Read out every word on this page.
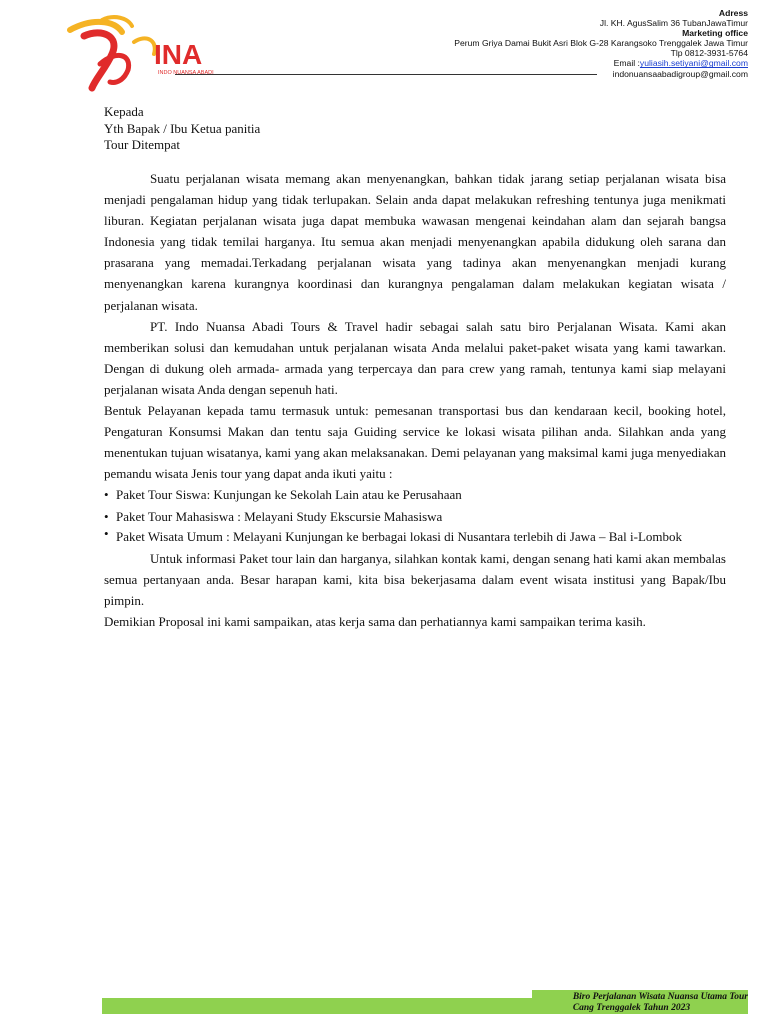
INA
INDO NUANSA ABADI
Adress
Jl. KH. AgusSalim 36 TubanJawaTimur
Marketing office
Perum Griya Damai Bukit Asri Blok G-28 Karangsoko Trenggalek Jawa Timur
Tlp 0812-3931-5764
Email :yuliasih.setiyani@gmail.com
indonuansaabadigroup@gmail.com
Kepada
Yth Bapak / Ibu Ketua panitia
Tour Ditempat

Suatu perjalanan wisata memang akan menyenangkan, bahkan tidak jarang setiap perjalanan wisata bisa menjadi pengalaman hidup yang tidak terlupakan. Selain anda dapat melakukan refreshing tentunya juga menikmati liburan. Kegiatan perjalanan wisata juga dapat membuka wawasan mengenai keindahan alam dan sejarah bangsa Indonesia yang tidak temilai harganya. Itu semua akan menjadi menyenangkan apabila didukung oleh sarana dan prasarana yang memadai.Terkadang perjalanan wisata yang tadinya akan menyenangkan menjadi kurang menyenangkan karena kurangnya koordinasi dan kurangnya pengalaman dalam melakukan kegiatan wisata / perjalanan wisata.

PT. Indo Nuansa Abadi Tours & Travel hadir sebagai salah satu biro Perjalanan Wisata. Kami akan memberikan solusi dan kemudahan untuk perjalanan wisata Anda melalui paket-paket wisata yang kami tawarkan. Dengan di dukung oleh armada- armada yang terpercaya dan para crew yang ramah, tentunya kami siap melayani perjalanan wisata Anda dengan sepenuh hati.

Bentuk Pelayanan kepada tamu termasuk untuk: pemesanan transportasi bus dan kendaraan kecil, booking hotel, Pengaturan Konsumsi Makan dan tentu saja Guiding service ke lokasi wisata pilihan anda. Silahkan anda yang menentukan tujuan wisatanya, kami yang akan melaksanakan. Demi pelayanan yang maksimal kami juga menyediakan pemandu wisata Jenis tour yang dapat anda ikuti yaitu :

• Paket Tour Siswa: Kunjungan ke Sekolah Lain atau ke Perusahaan
• Paket Tour Mahasiswa : Melayani Study Ekscursie Mahasiswa
• Paket Wisata Umum : Melayani Kunjungan ke berbagai lokasi di Nusantara terlebih di Jawa – Bal i-Lombok

Untuk informasi Paket tour lain dan harganya, silahkan kontak kami, dengan senang hati kami akan membalas semua pertanyaan anda. Besar harapan kami, kita bisa bekerjasama dalam event wisata institusi yang Bapak/Ibu pimpin.

Demikian Proposal ini kami sampaikan, atas kerja sama dan perhatiannya kami sampaikan terima kasih.

Biro Perjalanan Wisata Nuansa Utama Tour
Cang Trenggalek Tahun 2023
